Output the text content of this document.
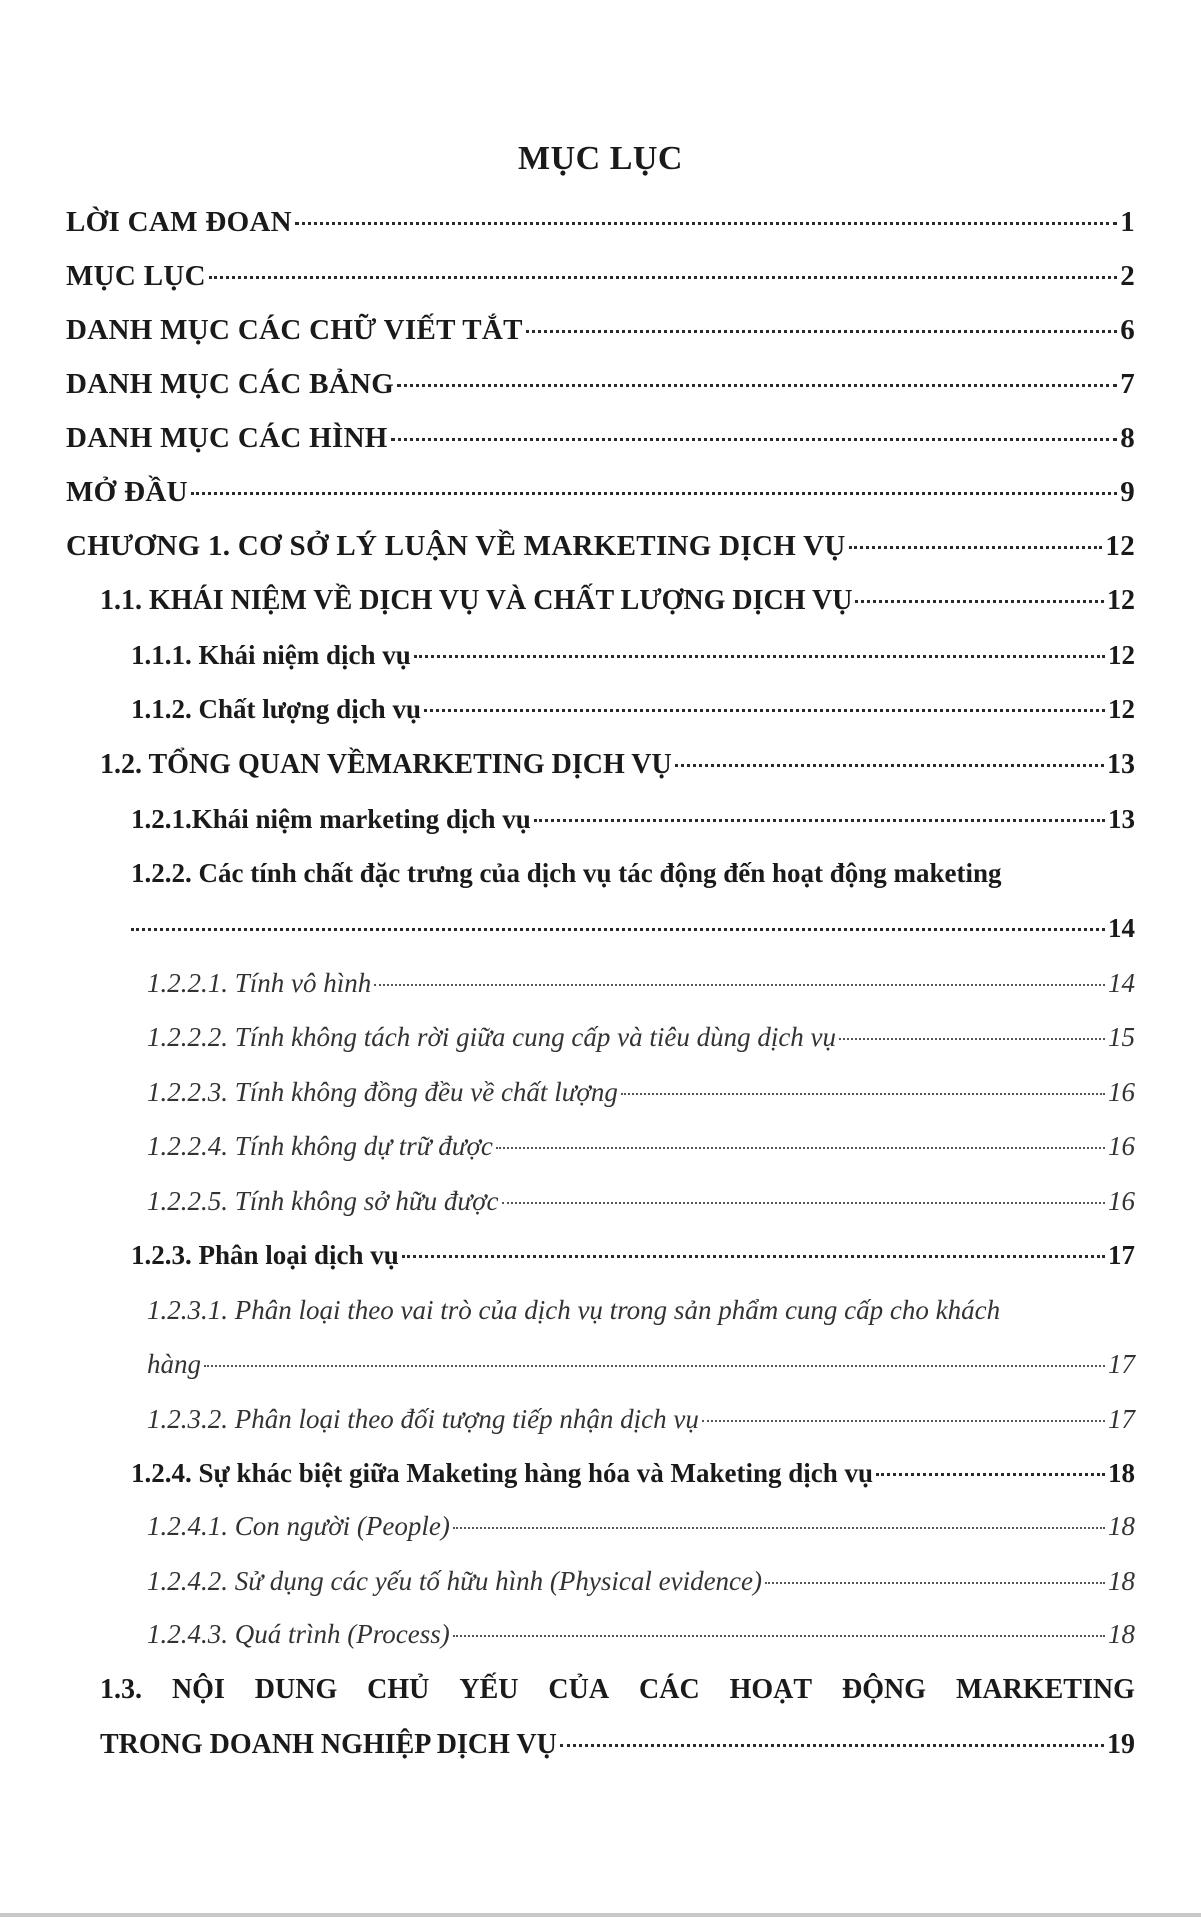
MỤC LỤC
LỜI CAM ĐOAN	1
MỤC LỤC	2
DANH MỤC CÁC CHỮ VIẾT TẮT	6
DANH MỤC CÁC BẢNG	7
DANH MỤC CÁC HÌNH	8
MỞ ĐẦU	9
CHƯƠNG 1. CƠ SỞ LÝ LUẬN VỀ MARKETING DỊCH VỤ	12
1.1. KHÁI NIỆM VỀ DỊCH VỤ VÀ CHẤT LƯỢNG DỊCH VỤ	12
1.1.1. Khái niệm dịch vụ	12
1.1.2. Chất lượng dịch vụ	12
1.2. TỔNG QUAN VỀMARKETING DỊCH VỤ	13
1.2.1.Khái niệm marketing dịch vụ	13
1.2.2. Các tính chất đặc trưng của dịch vụ tác động đến hoạt động maketing
14
1.2.2.1. Tính vô hình	14
1.2.2.2. Tính không tách rời giữa cung cấp và tiêu dùng dịch vụ	15
1.2.2.3. Tính không đồng đều về chất lượng	16
1.2.2.4. Tính không dự trữ được	16
1.2.2.5. Tính không sở hữu được	16
1.2.3. Phân loại dịch vụ	17
1.2.3.1. Phân loại theo vai trò của dịch vụ trong sản phẩm cung cấp cho khách
hàng	17
1.2.3.2. Phân loại theo đối tượng tiếp nhận dịch vụ	17
1.2.4. Sự khác biệt giữa Maketing hàng hóa và Maketing dịch vụ	18
1.2.4.1. Con người (People)	18
1.2.4.2. Sử dụng các yếu tố hữu hình (Physical evidence)	18
1.2.4.3. Quá trình (Process)	18
1.3. NỘI DUNG CHỦ YẾU CỦA CÁC HOẠT ĐỘNG MARKETING
TRONG DOANH NGHIỆP DỊCH VỤ	19
